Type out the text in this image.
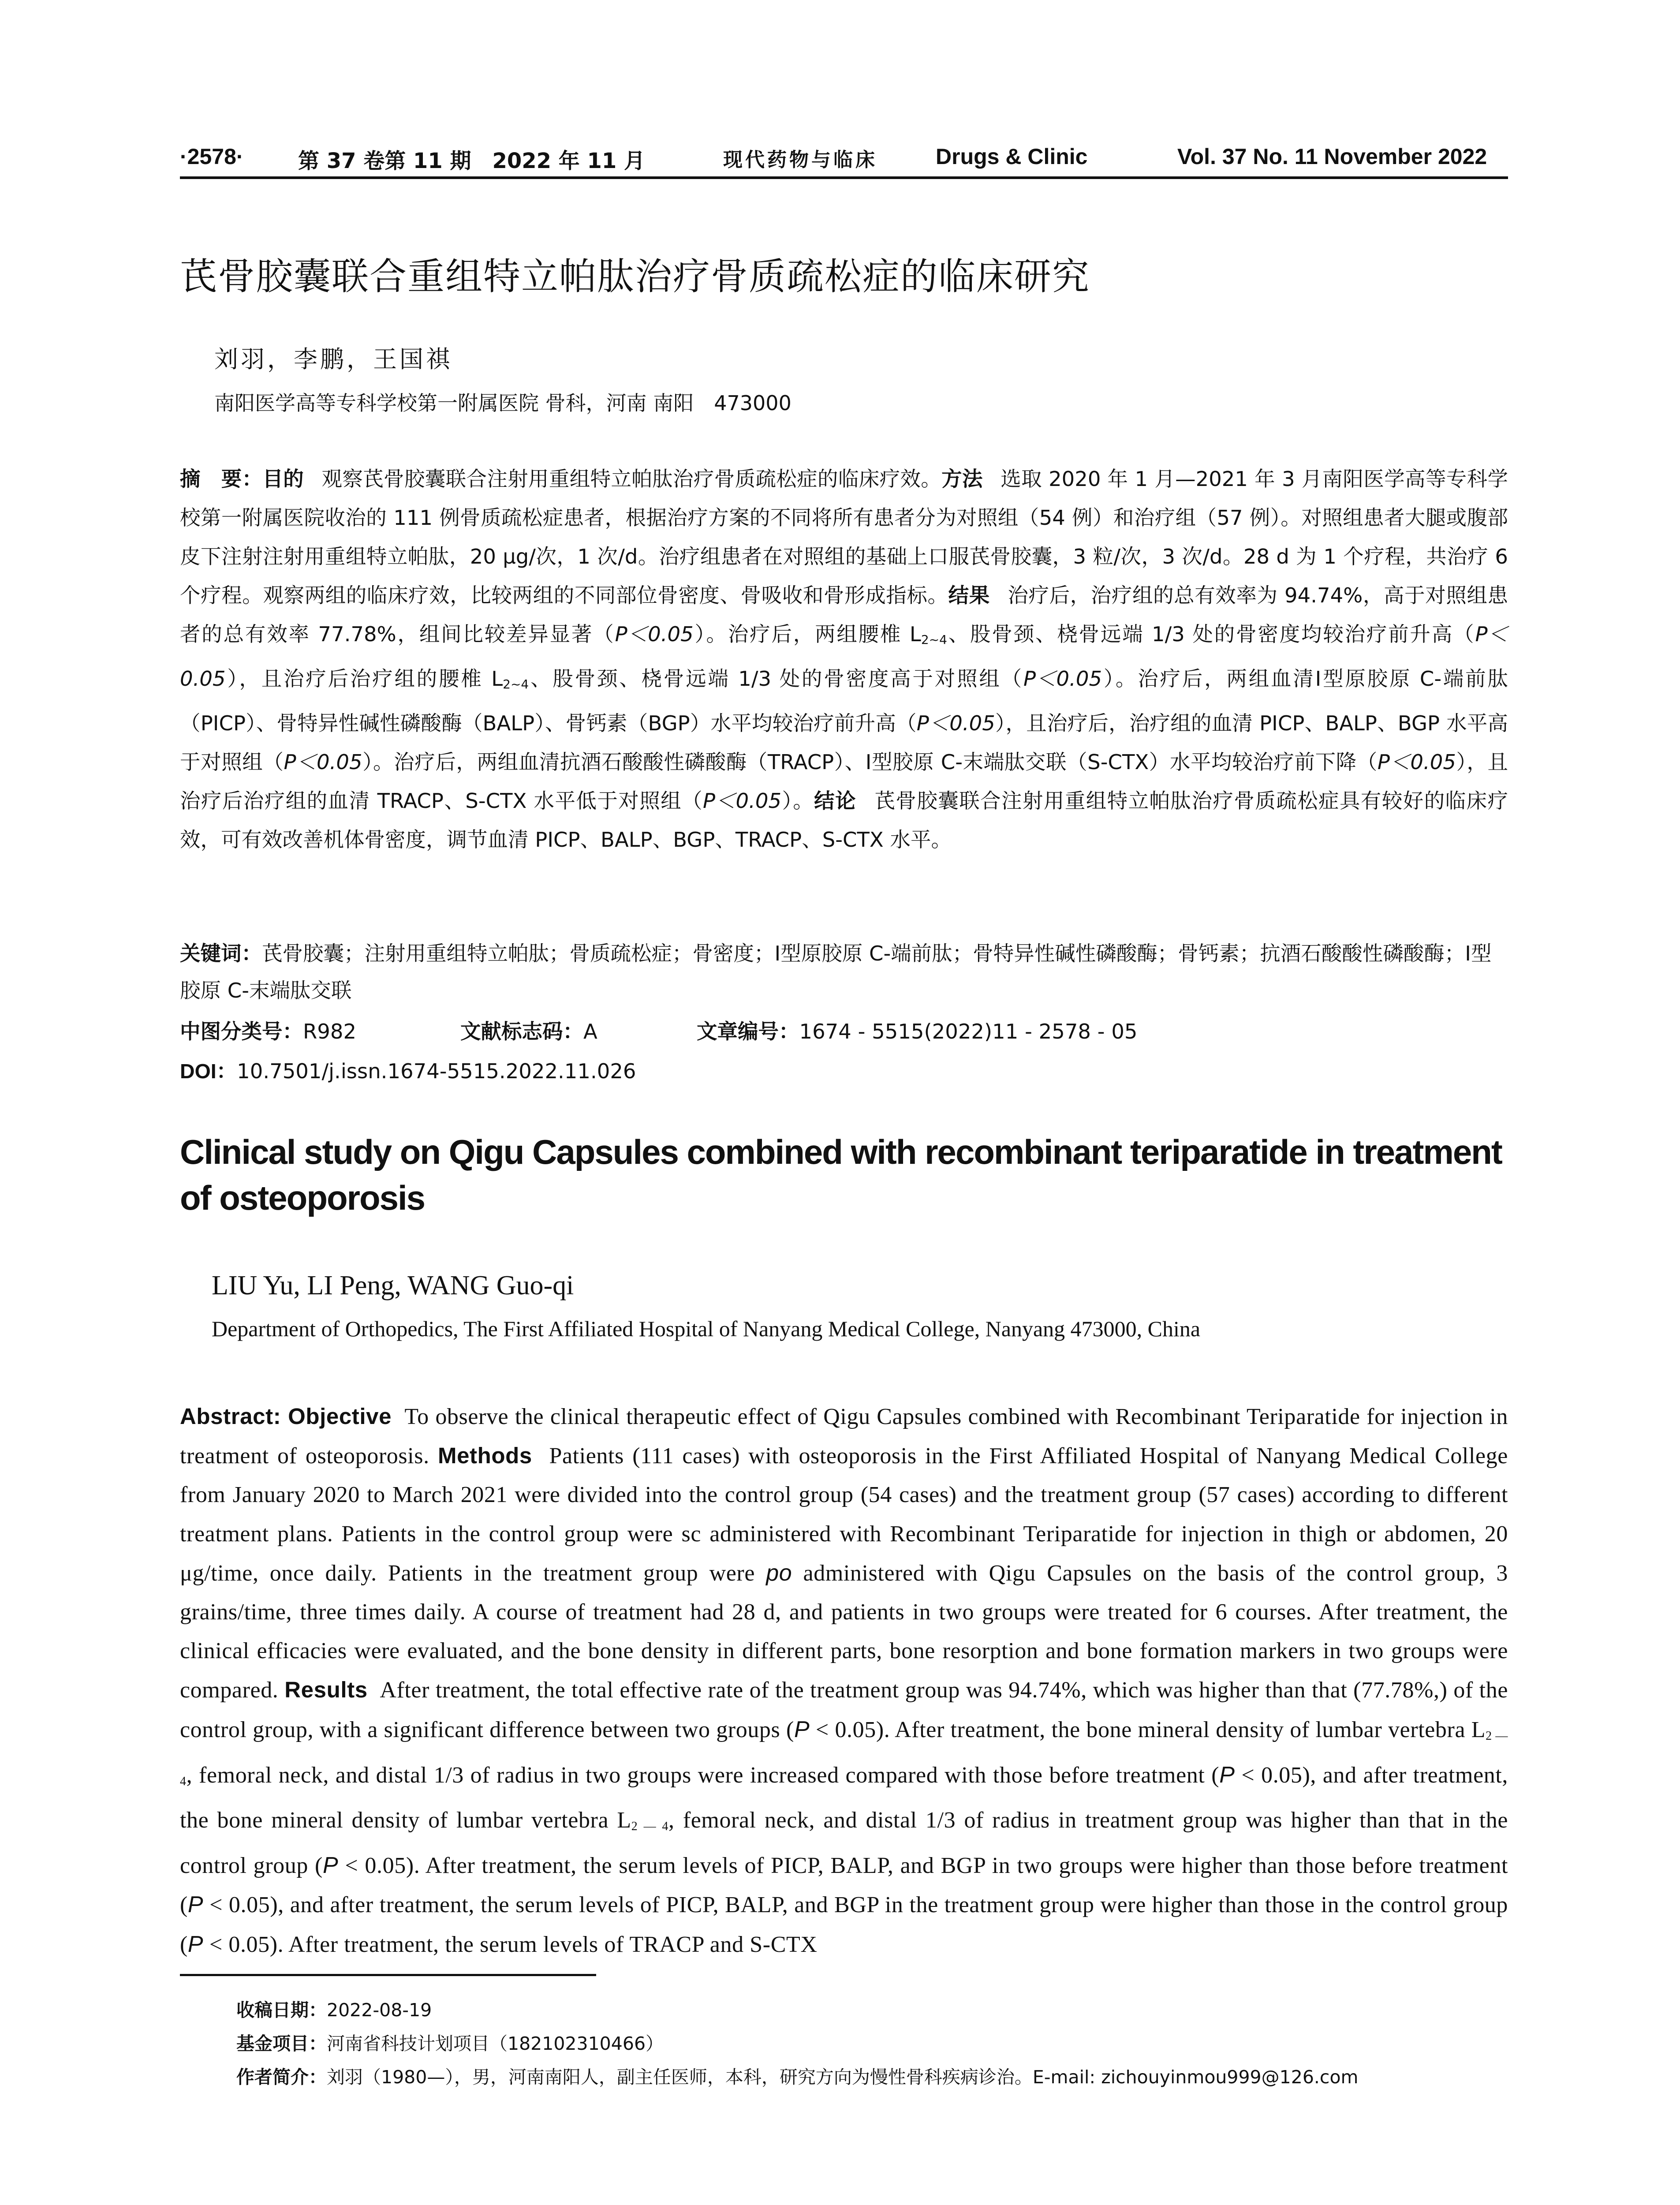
·2578·	第 37 卷第 11 期　2022 年 11 月	现代药物与临床	Drugs & Clinic	Vol. 37 No. 11 November 2022
芪骨胶囊联合重组特立帕肽治疗骨质疏松症的临床研究
刘羽，李鹏，王国祺
南阳医学高等专科学校第一附属医院 骨科，河南 南阳　473000
摘　要：目的 观察芪骨胶囊联合注射用重组特立帕肽治疗骨质疏松症的临床疗效。方法 选取 2020 年 1 月—2021 年 3 月南阳医学高等专科学校第一附属医院收治的 111 例骨质疏松症患者，根据治疗方案的不同将所有患者分为对照组（54 例）和治疗组（57 例）。对照组患者大腿或腹部皮下注射注射用重组特立帕肽，20 μg/次，1 次/d。治疗组患者在对照组的基础上口服芪骨胶囊，3 粒/次，3 次/d。28 d 为 1 个疗程，共治疗 6 个疗程。观察两组的临床疗效，比较两组的不同部位骨密度、骨吸收和骨形成指标。结果 治疗后，治疗组的总有效率为 94.74%，高于对照组患者的总有效率 77.78%，组间比较差异显著（P＜0.05）。治疗后，两组腰椎 $L_{2\sim 4}$、股骨颈、桡骨远端 1/3 处的骨密度均较治疗前升高（P＜0.05），且治疗后治疗组的腰椎 $L_{2\sim 4}$、股骨颈、桡骨远端 1/3 处的骨密度高于对照组（P＜0.05）。治疗后，两组血清Ⅰ型原胶原 C-端前肽（PICP）、骨特异性碱性磷酸酶（BALP）、骨钙素（BGP）水平均较治疗前升高（P＜0.05），且治疗后，治疗组的血清 PICP、BALP、BGP 水平高于对照组（P＜0.05）。治疗后，两组血清抗酒石酸酸性磷酸酶（TRACP）、Ⅰ型胶原 C-末端肽交联（S-CTX）水平均较治疗前下降（P＜0.05），且治疗后治疗组的血清 TRACP、S-CTX 水平低于对照组（P＜0.05）。结论 芪骨胶囊联合注射用重组特立帕肽治疗骨质疏松症具有较好的临床疗效，可有效改善机体骨密度，调节血清 PICP、BALP、BGP、TRACP、S-CTX 水平。
关键词：芪骨胶囊；注射用重组特立帕肽；骨质疏松症；骨密度；Ⅰ型原胶原 C-端前肽；骨特异性碱性磷酸酶；骨钙素；抗酒石酸酸性磷酸酶；Ⅰ型胶原 C-末端肽交联
中图分类号：R982	文献标志码：A	文章编号：1674 - 5515(2022)11 - 2578 - 05
DOI：10.7501/j.issn.1674-5515.2022.11.026
Clinical study on Qigu Capsules combined with recombinant teriparatide in treatment of osteoporosis
LIU Yu, LI Peng, WANG Guo-qi
Department of Orthopedics, The First Affiliated Hospital of Nanyang Medical College, Nanyang 473000, China
Abstract: Objective To observe the clinical therapeutic effect of Qigu Capsules combined with Recombinant Teriparatide for injection in treatment of osteoporosis. Methods Patients (111 cases) with osteoporosis in the First Affiliated Hospital of Nanyang Medical College from January 2020 to March 2021 were divided into the control group (54 cases) and the treatment group (57 cases) according to different treatment plans. Patients in the control group were sc administered with Recombinant Teriparatide for injection in thigh or abdomen, 20 μg/time, once daily. Patients in the treatment group were po administered with Qigu Capsules on the basis of the control group, 3 grains/time, three times daily. A course of treatment had 28 d, and patients in two groups were treated for 6 courses. After treatment, the clinical efficacies were evaluated, and the bone density in different parts, bone resorption and bone formation markers in two groups were compared. Results After treatment, the total effective rate of the treatment group was 94.74%, which was higher than that (77.78%,) of the control group, with a significant difference between two groups (P < 0.05). After treatment, the bone mineral density of lumbar vertebra $L_{2 — 4}$, femoral neck, and distal 1/3 of radius in two groups were increased compared with those before treatment (P < 0.05), and after treatment, the bone mineral density of lumbar vertebra $L_{2 — 4}$, femoral neck, and distal 1/3 of radius in treatment group was higher than that in the control group (P < 0.05). After treatment, the serum levels of PICP, BALP, and BGP in two groups were higher than those before treatment (P < 0.05), and after treatment, the serum levels of PICP, BALP, and BGP in the treatment group were higher than those in the control group (P < 0.05). After treatment, the serum levels of TRACP and S-CTX
收稿日期：2022-08-19
基金项目：河南省科技计划项目（182102310466）
作者简介：刘羽（1980—），男，河南南阳人，副主任医师，本科，研究方向为慢性骨科疾病诊治。E-mail: zichouyinmou999@126.com
